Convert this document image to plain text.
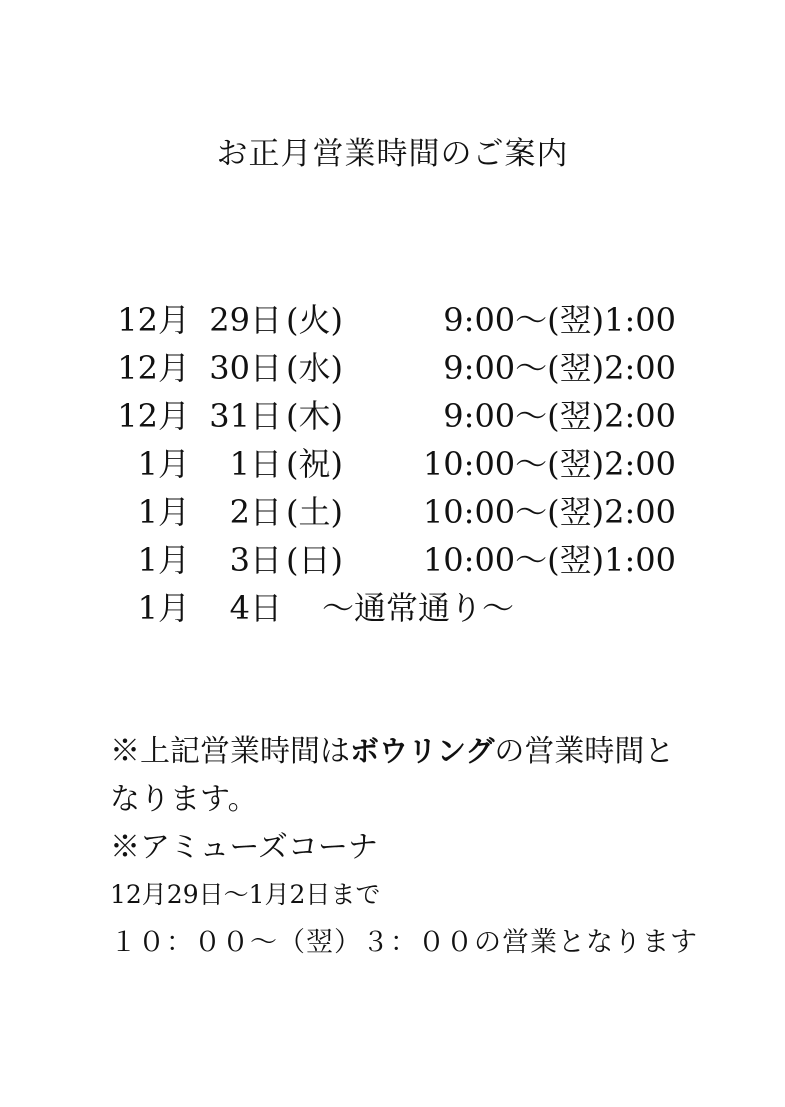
お正月営業時間のご案内
12月 29日 (火)	9:00～(翌)1:00
12月 30日 (水)	9:00～(翌)2:00
12月 31日 (木)	9:00～(翌)2:00
1月	1日 (祝)	10:00～(翌)2:00
1月	2日 (土)	10:00～(翌)2:00
1月	3日 (日)	10:00～(翌)1:00
1月	4日 ～通常通り～
※上記営業時間はボウリングの営業時間と
なります。
※アミューズコーナ
12月29日～1月2日まで
１０：００～（翌）３：００の営業となります
